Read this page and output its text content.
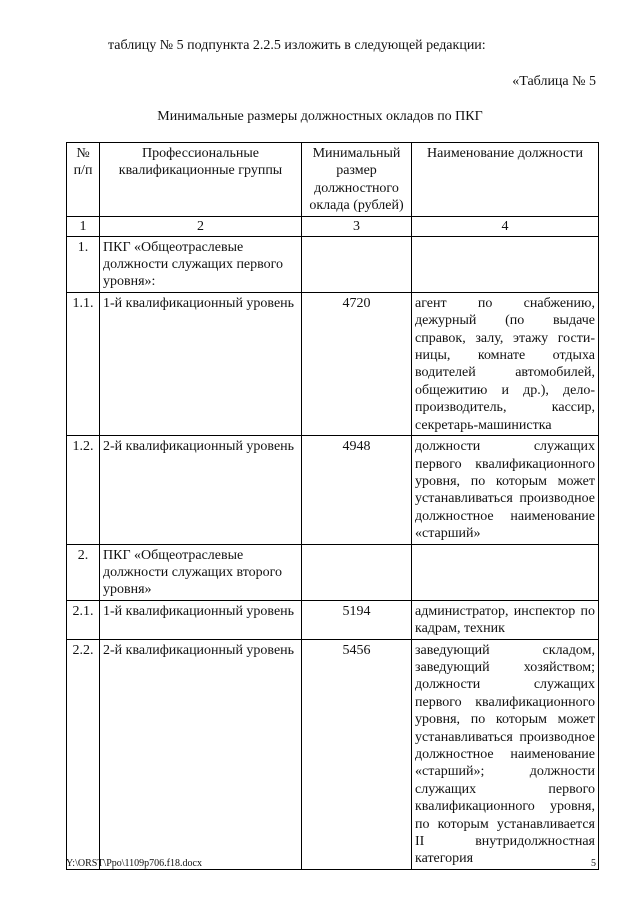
таблицу № 5 подпункта 2.2.5 изложить в следующей редакции:
«Таблица № 5
Минимальные размеры должностных окладов по ПКГ
№ п/п	Профессиональные квалификационные группы	Минимальный размер должностного оклада (рублей)	Наименование должности
1	2	3	4
1.	ПКГ «Общеотраслевые должности служащих первого уровня»:		
1.1.	1-й квалификационный уровень	4720	агент по снабжению, дежурный (по выдаче справок, залу, этажу гостиницы, комнате отдыха водителей автомобилей, общежитию и др.), делопроизводитель, кассир, секретарь-машинистка
1.2.	2-й квалификационный уровень	4948	должности служащих первого квалификационного уровня, по которым может устанавливаться производное должностное наименование «старший»
2.	ПКГ «Общеотраслевые должности служащих второго уровня»		
2.1.	1-й квалификационный уровень	5194	администратор, инспектор по кадрам, техник
2.2.	2-й квалификационный уровень	5456	заведующий складом, заведующий хозяйством; должности служащих первого квалификационного уровня, по которым может устанавливаться производное должностное наименование «старший»; должности служащих первого квалификационного уровня, по которым устанавливается II внутридолжностная категория
Y:\ORST\Ppo\1109p706.f18.docx	5
